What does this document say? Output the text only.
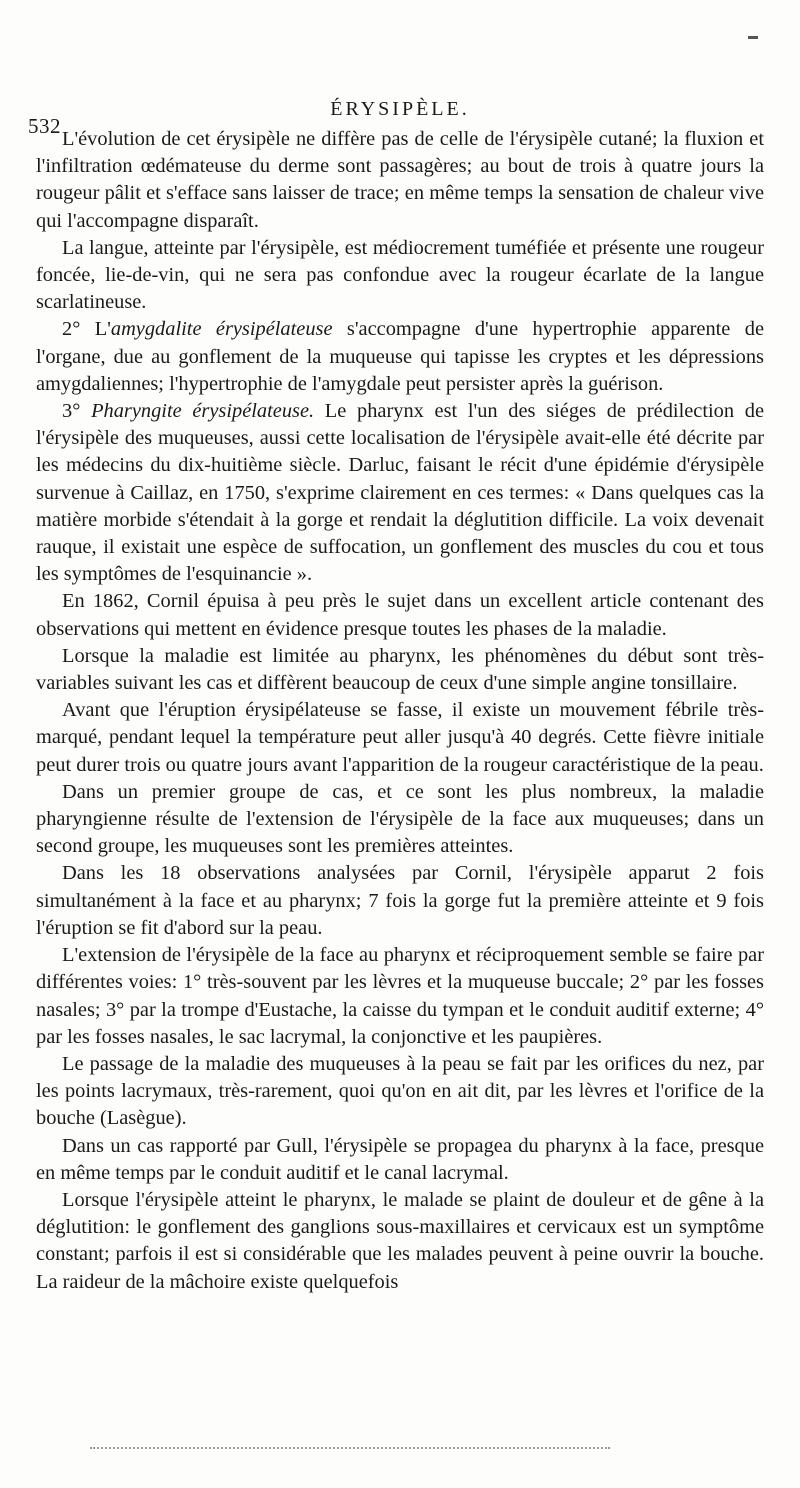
532
ÉRYSIPÈLE.

L'évolution de cet érysipèle ne diffère pas de celle de l'érysipèle cutané; la fluxion et l'infiltration œdémateuse du derme sont passagères; au bout de trois à quatre jours la rougeur pâlit et s'efface sans laisser de trace; en même temps la sensation de chaleur vive qui l'accompagne disparaît.

La langue, atteinte par l'érysipèle, est médiocrement tuméfiée et présente une rougeur foncée, lie-de-vin, qui ne sera pas confondue avec la rougeur écarlate de la langue scarlatineuse.

2° L'amygdalite érysipélateuse s'accompagne d'une hypertrophie apparente de l'organe, due au gonflement de la muqueuse qui tapisse les cryptes et les dépressions amygdaliennes; l'hypertrophie de l'amygdale peut persister après la guérison.

3° Pharyngite érysipélateuse. Le pharynx est l'un des siéges de prédilection de l'érysipèle des muqueuses, aussi cette localisation de l'érysipèle avait-elle été décrite par les médecins du dix-huitième siècle. Darluc, faisant le récit d'une épidémie d'érysipèle survenue à Caillaz, en 1750, s'exprime clairement en ces termes: « Dans quelques cas la matière morbide s'étendait à la gorge et rendait la déglutition difficile. La voix devenait rauque, il existait une espèce de suffocation, un gonflement des muscles du cou et tous les symptômes de l'esquinancie ».

En 1862, Cornil épuisa à peu près le sujet dans un excellent article contenant des observations qui mettent en évidence presque toutes les phases de la maladie.

Lorsque la maladie est limitée au pharynx, les phénomènes du début sont très-variables suivant les cas et diffèrent beaucoup de ceux d'une simple angine tonsillaire.

Avant que l'éruption érysipélateuse se fasse, il existe un mouvement fébrile très-marqué, pendant lequel la température peut aller jusqu'à 40 degrés. Cette fièvre initiale peut durer trois ou quatre jours avant l'apparition de la rougeur caractéristique de la peau.

Dans un premier groupe de cas, et ce sont les plus nombreux, la maladie pharyngienne résulte de l'extension de l'érysipèle de la face aux muqueuses; dans un second groupe, les muqueuses sont les premières atteintes.

Dans les 18 observations analysées par Cornil, l'érysipèle apparut 2 fois simultanément à la face et au pharynx; 7 fois la gorge fut la première atteinte et 9 fois l'éruption se fit d'abord sur la peau.

L'extension de l'érysipèle de la face au pharynx et réciproquement semble se faire par différentes voies: 1° très-souvent par les lèvres et la muqueuse buccale; 2° par les fosses nasales; 3° par la trompe d'Eustache, la caisse du tympan et le conduit auditif externe; 4° par les fosses nasales, le sac lacrymal, la conjonctive et les paupières.

Le passage de la maladie des muqueuses à la peau se fait par les orifices du nez, par les points lacrymaux, très-rarement, quoi qu'on en ait dit, par les lèvres et l'orifice de la bouche (Lasègue).

Dans un cas rapporté par Gull, l'érysipèle se propagea du pharynx à la face, presque en même temps par le conduit auditif et le canal lacrymal.

Lorsque l'érysipèle atteint le pharynx, le malade se plaint de douleur et de gêne à la déglutition: le gonflement des ganglions sous-maxillaires et cervicaux est un symptôme constant; parfois il est si considérable que les malades peuvent à peine ouvrir la bouche. La raideur de la mâchoire existe quelquefois
